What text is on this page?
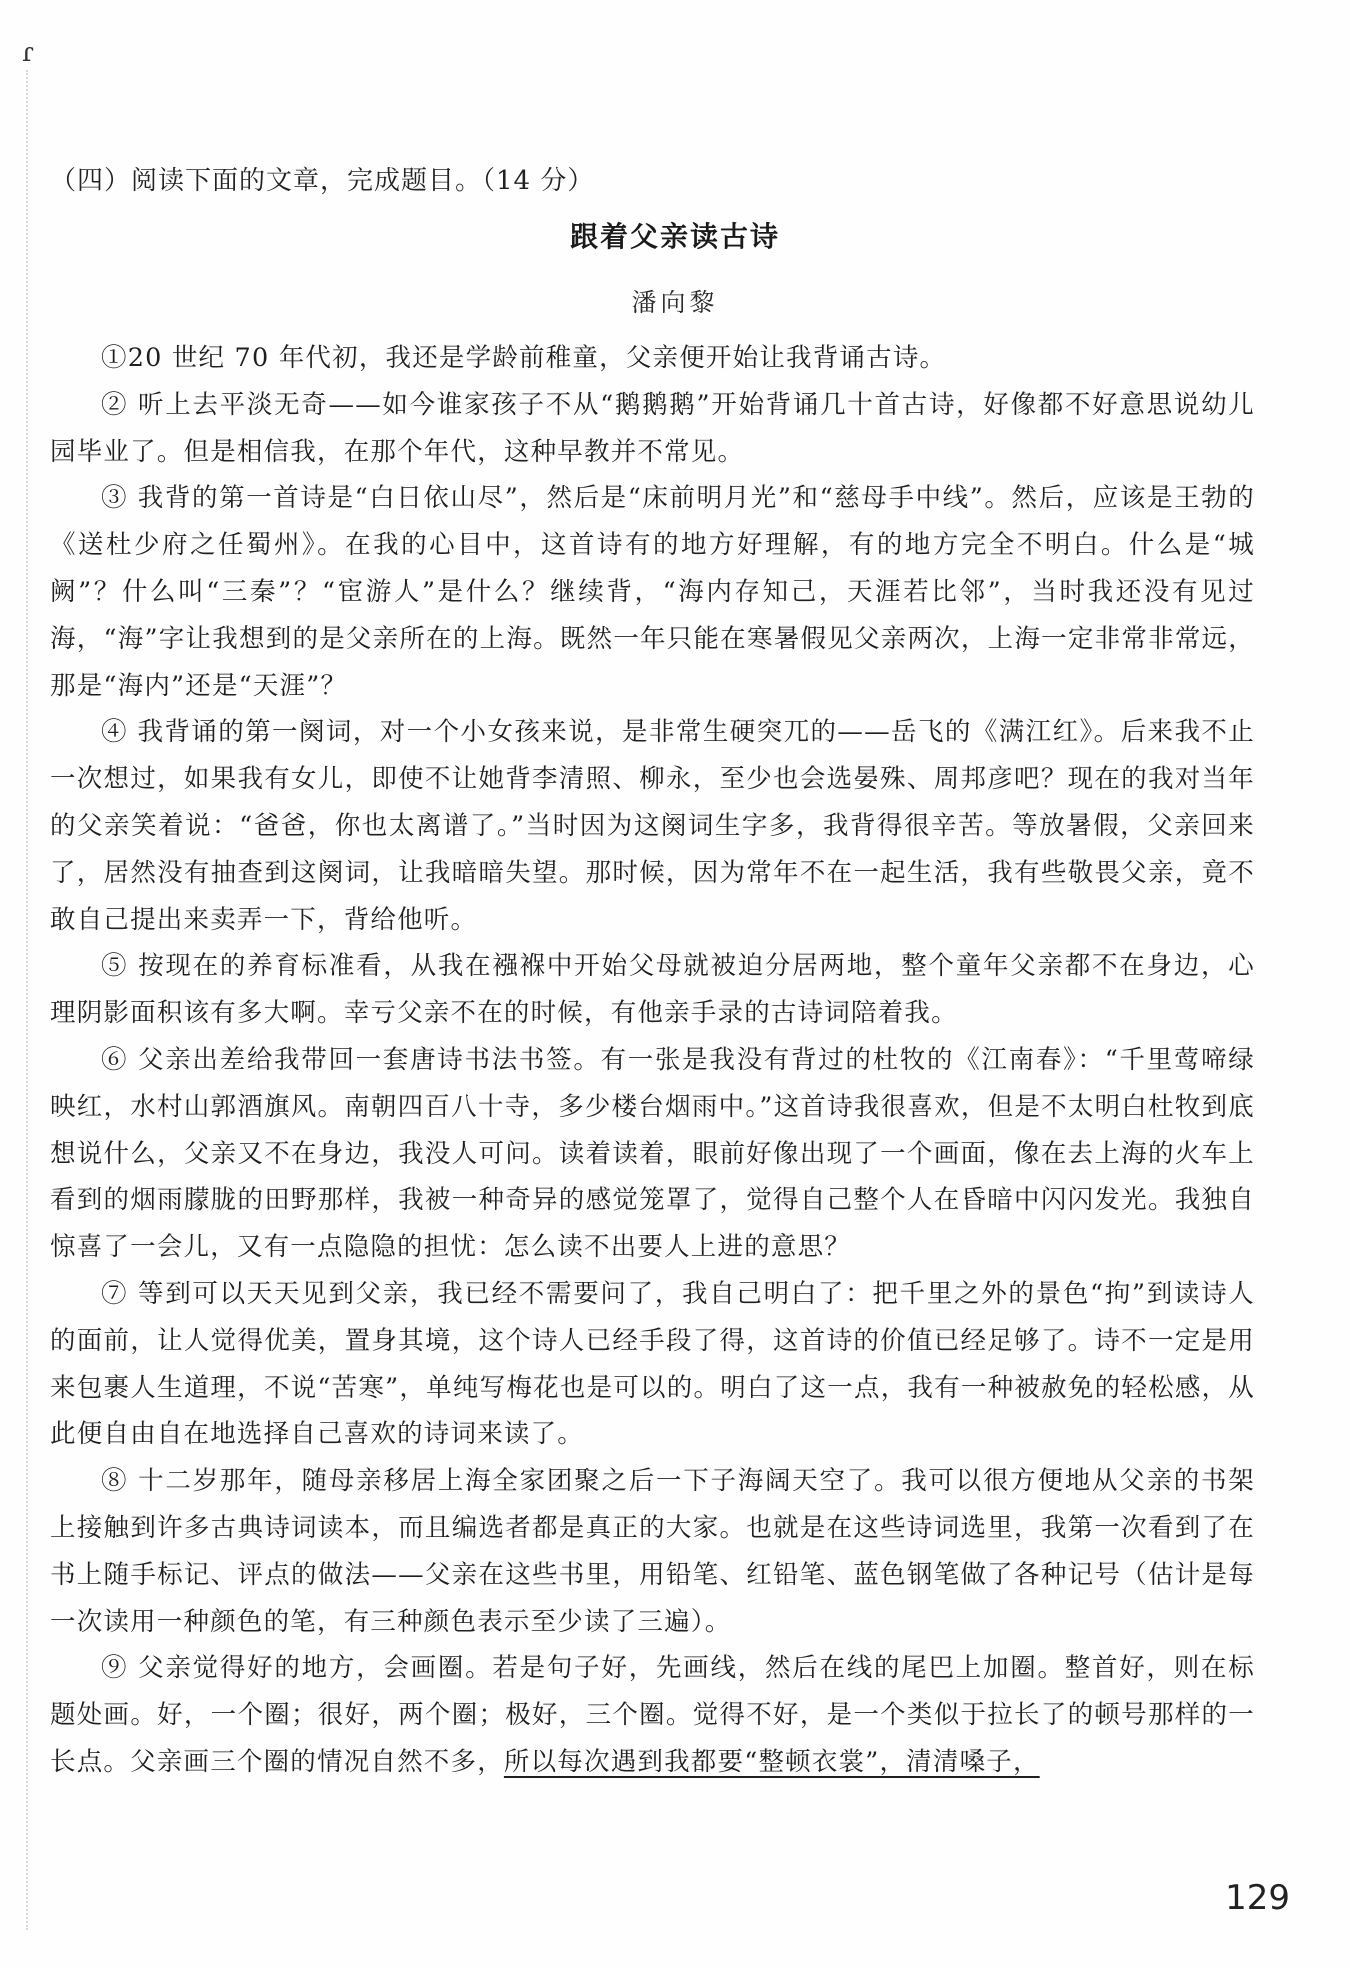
ɾ
（四）阅读下面的文章，完成题目。（14 分）
跟着父亲读古诗
潘向黎

①20 世纪 70 年代初，我还是学龄前稚童，父亲便开始让我背诵古诗。

② 听上去平淡无奇——如今谁家孩子不从“鹅鹅鹅”开始背诵几十首古诗，好像都不好意思说幼儿园毕业了。但是相信我，在那个年代，这种早教并不常见。

③ 我背的第一首诗是“白日依山尽”，然后是“床前明月光”和“慈母手中线”。然后，应该是王勃的《送杜少府之任蜀州》。在我的心目中，这首诗有的地方好理解，有的地方完全不明白。什么是“城阙”？什么叫“三秦”？“宦游人”是什么？继续背，“海内存知己，天涯若比邻”，当时我还没有见过海，“海”字让我想到的是父亲所在的上海。既然一年只能在寒暑假见父亲两次，上海一定非常非常远，那是“海内”还是“天涯”？

④ 我背诵的第一阕词，对一个小女孩来说，是非常生硬突兀的——岳飞的《满江红》。后来我不止一次想过，如果我有女儿，即使不让她背李清照、柳永，至少也会选晏殊、周邦彦吧？现在的我对当年的父亲笑着说：“爸爸，你也太离谱了。”当时因为这阕词生字多，我背得很辛苦。等放暑假，父亲回来了，居然没有抽查到这阕词，让我暗暗失望。那时候，因为常年不在一起生活，我有些敬畏父亲，竟不敢自己提出来卖弄一下，背给他听。

⑤ 按现在的养育标准看，从我在襁褓中开始父母就被迫分居两地，整个童年父亲都不在身边，心理阴影面积该有多大啊。幸亏父亲不在的时候，有他亲手录的古诗词陪着我。

⑥ 父亲出差给我带回一套唐诗书法书签。有一张是我没有背过的杜牧的《江南春》：“千里莺啼绿映红，水村山郭酒旗风。南朝四百八十寺，多少楼台烟雨中。”这首诗我很喜欢，但是不太明白杜牧到底想说什么，父亲又不在身边，我没人可问。读着读着，眼前好像出现了一个画面，像在去上海的火车上看到的烟雨朦胧的田野那样，我被一种奇异的感觉笼罩了，觉得自己整个人在昏暗中闪闪发光。我独自惊喜了一会儿，又有一点隐隐的担忧：怎么读不出要人上进的意思？

⑦ 等到可以天天见到父亲，我已经不需要问了，我自己明白了：把千里之外的景色“拘”到读诗人的面前，让人觉得优美，置身其境，这个诗人已经手段了得，这首诗的价值已经足够了。诗不一定是用来包裹人生道理，不说“苦寒”，单纯写梅花也是可以的。明白了这一点，我有一种被赦免的轻松感，从此便自由自在地选择自己喜欢的诗词来读了。

⑧ 十二岁那年，随母亲移居上海全家团聚之后一下子海阔天空了。我可以很方便地从父亲的书架上接触到许多古典诗词读本，而且编选者都是真正的大家。也就是在这些诗词选里，我第一次看到了在书上随手标记、评点的做法——父亲在这些书里，用铅笔、红铅笔、蓝色钢笔做了各种记号（估计是每一次读用一种颜色的笔，有三种颜色表示至少读了三遍）。

⑨ 父亲觉得好的地方，会画圈。若是句子好，先画线，然后在线的尾巴上加圈。整首好，则在标题处画。好，一个圈；很好，两个圈；极好，三个圈。觉得不好，是一个类似于拉长了的顿号那样的一长点。父亲画三个圈的情况自然不多，所以每次遇到我都要“整顿衣裳”，清清嗓子，

129
